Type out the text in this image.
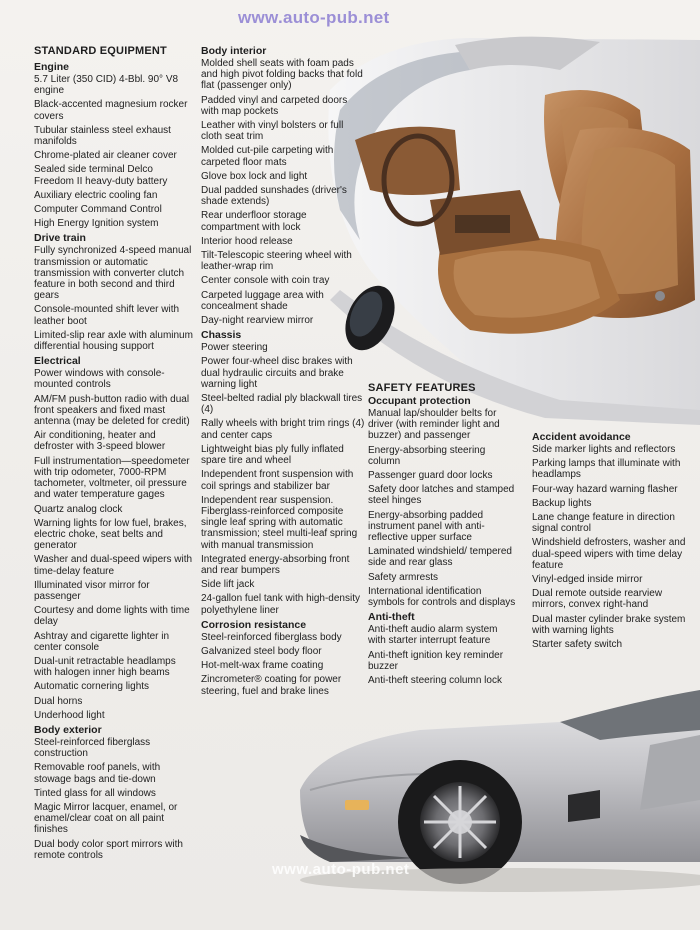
www.auto-pub.net

STANDARD EQUIPMENT

Engine

5.7 Liter (350 CID) 4-Bbl. 90° V8 engine

Black-accented magnesium rocker covers

Tubular stainless steel exhaust manifolds

Chrome-plated air cleaner cover

Sealed side terminal Delco Freedom II heavy-duty battery

Auxiliary electric cooling fan

Computer Command Control

High Energy Ignition system

Drive train

Fully synchronized 4-speed manual transmission or automatic transmission with converter clutch feature in both second and third gears

Console-mounted shift lever with leather boot

Limited-slip rear axle with aluminum differential housing support

Electrical

Power windows with console-mounted controls

AM/FM push-button radio with dual front speakers and fixed mast antenna (may be deleted for credit)

Air conditioning, heater and defroster with 3-speed blower

Full instrumentation—speedometer with trip odometer, 7000-RPM tachometer, voltmeter, oil pressure and water temperature gages

Quartz analog clock

Warning lights for low fuel, brakes, electric choke, seat belts and generator

Washer and dual-speed wipers with time-delay feature

Illuminated visor mirror for passenger

Courtesy and dome lights with time delay

Ashtray and cigarette lighter in center console

Dual-unit retractable headlamps with halogen inner high beams

Automatic cornering lights

Dual horns

Underhood light

Body exterior

Steel-reinforced fiberglass construction

Removable roof panels, with stowage bags and tie-down

Tinted glass for all windows

Magic Mirror lacquer, enamel, or enamel/clear coat on all paint finishes

Dual body color sport mirrors with remote controls

Body interior

Molded shell seats with foam pads and high pivot folding backs that fold flat (passenger only)

Padded vinyl and carpeted doors with map pockets

Leather with vinyl bolsters or full cloth seat trim

Molded cut-pile carpeting with carpeted floor mats

Glove box lock and light

Dual padded sunshades (driver's shade extends)

Rear underfloor storage compartment with lock

Interior hood release

Tilt-Telescopic steering wheel with leather-wrap rim

Center console with coin tray

Carpeted luggage area with concealment shade

Day-night rearview mirror

Chassis

Power steering

Power four-wheel disc brakes with dual hydraulic circuits and brake warning light

Steel-belted radial ply blackwall tires (4)

Rally wheels with bright trim rings (4) and center caps

Lightweight bias ply fully inflated spare tire and wheel

Independent front suspension with coil springs and stabilizer bar

Independent rear suspension. Fiberglass-reinforced composite single leaf spring with automatic transmission; steel multi-leaf spring with manual transmission

Integrated energy-absorbing front and rear bumpers

Side lift jack

24-gallon fuel tank with high-density polyethylene liner

Corrosion resistance

Steel-reinforced fiberglass body

Galvanized steel body floor

Hot-melt-wax frame coating

Zincrometer® coating for power steering, fuel and brake lines

SAFETY FEATURES

Occupant protection

Manual lap/shoulder belts for driver (with reminder light and buzzer) and passenger

Energy-absorbing steering column

Passenger guard door locks

Safety door latches and stamped steel hinges

Energy-absorbing padded instrument panel with anti-reflective upper surface

Laminated windshield/ tempered side and rear glass

Safety armrests

International identification symbols for controls and displays

Anti-theft

Anti-theft audio alarm system with starter interrupt feature

Anti-theft ignition key reminder buzzer

Anti-theft steering column lock

Accident avoidance

Side marker lights and reflectors

Parking lamps that illuminate with headlamps

Four-way hazard warning flasher

Backup lights

Lane change feature in direction signal control

Windshield defrosters, washer and dual-speed wipers with time delay feature

Vinyl-edged inside mirror

Dual remote outside rearview mirrors, convex right-hand

Dual master cylinder brake system with warning lights

Starter safety switch

www.auto-pub.net
